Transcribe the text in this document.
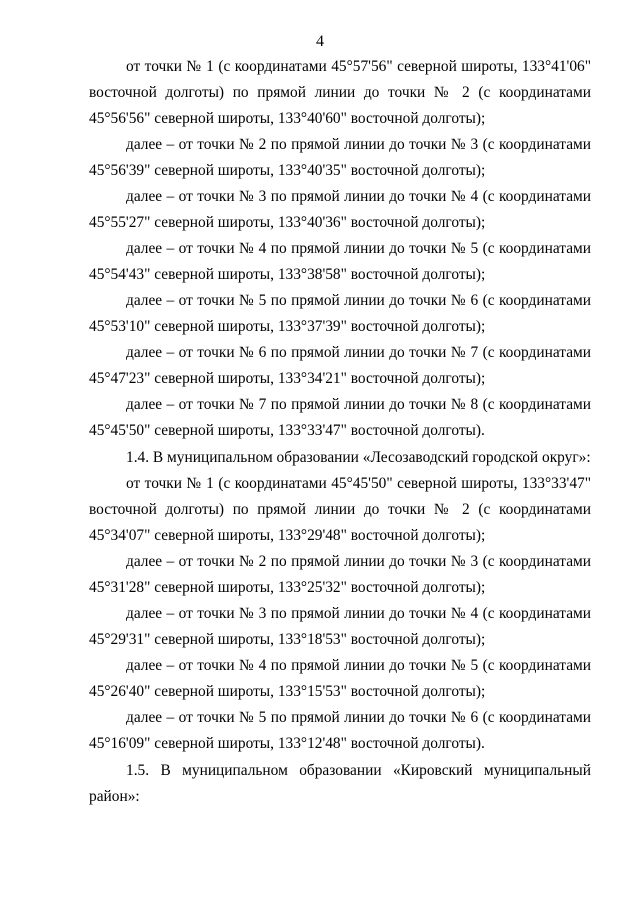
4
от точки № 1 (с координатами 45°57'56" северной широты, 133°41'06"
восточной долготы) по прямой линии до точки № 2 (с координатами
45°56'56" северной широты, 133°40'60" восточной долготы);
далее – от точки № 2 по прямой линии до точки № 3 (с координатами
45°56'39" северной широты, 133°40'35" восточной долготы);
далее – от точки № 3 по прямой линии до точки № 4 (с координатами
45°55'27" северной широты, 133°40'36" восточной долготы);
далее – от точки № 4 по прямой линии до точки № 5 (с координатами
45°54'43" северной широты, 133°38'58" восточной долготы);
далее – от точки № 5 по прямой линии до точки № 6 (с координатами
45°53'10" северной широты, 133°37'39" восточной долготы);
далее – от точки № 6 по прямой линии до точки № 7 (с координатами
45°47'23" северной широты, 133°34'21" восточной долготы);
далее – от точки № 7 по прямой линии до точки № 8 (с координатами
45°45'50" северной широты, 133°33'47" восточной долготы).
1.4. В муниципальном образовании «Лесозаводский городской округ»:
от точки № 1 (с координатами 45°45'50" северной широты, 133°33'47"
восточной долготы) по прямой линии до точки № 2 (с координатами
45°34'07" северной широты, 133°29'48" восточной долготы);
далее – от точки № 2 по прямой линии до точки № 3 (с координатами
45°31'28" северной широты, 133°25'32" восточной долготы);
далее – от точки № 3 по прямой линии до точки № 4 (с координатами
45°29'31" северной широты, 133°18'53" восточной долготы);
далее – от точки № 4 по прямой линии до точки № 5 (с координатами
45°26'40" северной широты, 133°15'53" восточной долготы);
далее – от точки № 5 по прямой линии до точки № 6 (с координатами
45°16'09" северной широты, 133°12'48" восточной долготы).
1.5. В муниципальном образовании «Кировский муниципальный
район»:
